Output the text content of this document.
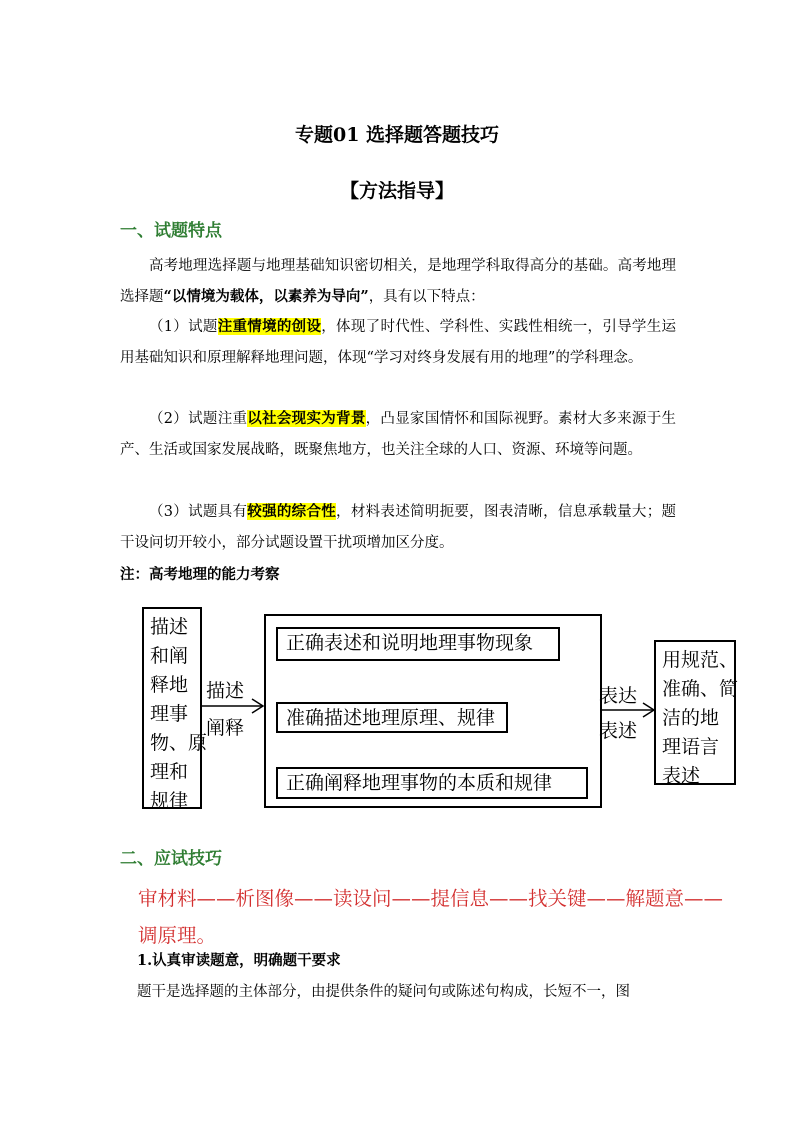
专题01 选择题答题技巧
【方法指导】
一、试题特点
高考地理选择题与地理基础知识密切相关，是地理学科取得高分的基础。高考地理选择题“以情境为载体，以素养为导向”，具有以下特点：
（1）试题注重情境的创设，体现了时代性、学科性、实践性相统一，引导学生运用基础知识和原理解释地理问题，体现“学习对终身发展有用的地理”的学科理念。
（2）试题注重以社会现实为背景，凸显家国情怀和国际视野。素材大多来源于生产、生活或国家发展战略，既聚焦地方，也关注全球的人口、资源、环境等问题。
（3）试题具有较强的综合性，材料表述简明扼要，图表清晰，信息承载量大；题干设问切开较小，部分试题设置干扰项增加区分度。
注：高考地理的能力考察
描述
和阐
释地
理事
物、原
理和
规律
描述
阐释
正确表述和说明地理事物现象
准确描述地理原理、规律
正确阐释地理事物的本质和规律
表达
表述
用规范、
准确、简
洁的地
理语言
表述
二、应试技巧
审材料——析图像——读设问——提信息——找关键——解题意——调原理。
1.认真审读题意，明确题干要求
题干是选择题的主体部分，由提供条件的疑问句或陈述句构成，长短不一，图
